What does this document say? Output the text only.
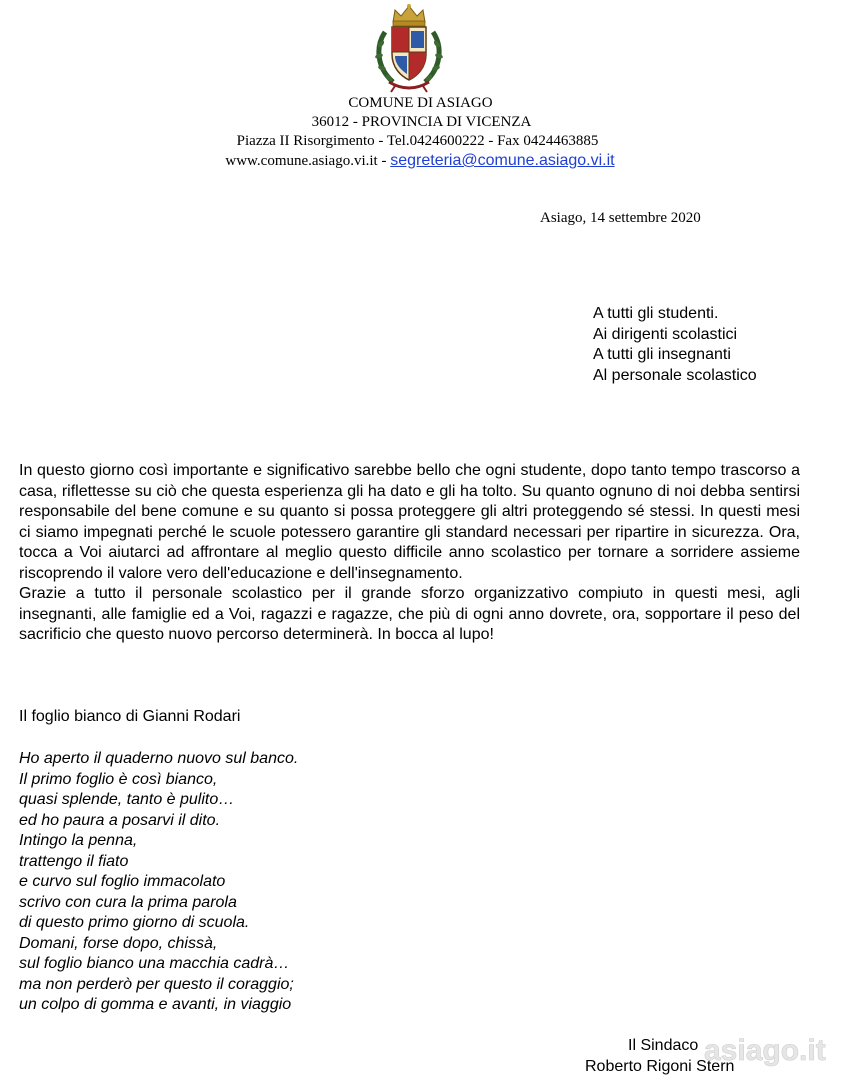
COMUNE DI ASIAGO
36012 - PROVINCIA DI VICENZA
Piazza II Risorgimento - Tel.0424600222 - Fax 0424463885
www.comune.asiago.vi.it - segreteria@comune.asiago.vi.it
Asiago, 14 settembre 2020
A tutti gli studenti.
Ai dirigenti scolastici
A tutti gli insegnanti
Al personale scolastico

In questo giorno così importante e significativo sarebbe bello che ogni studente, dopo tanto tempo trascorso a casa, riflettesse su ciò che questa esperienza gli ha dato e gli ha tolto. Su quanto ognuno di noi debba sentirsi responsabile del bene comune e su quanto si possa proteggere gli altri proteggendo sé stessi. In questi mesi ci siamo impegnati perché le scuole potessero garantire gli standard necessari per ripartire in sicurezza. Ora, tocca a Voi aiutarci ad affrontare al meglio questo difficile anno scolastico per tornare a sorridere assieme riscoprendo il valore vero dell'educazione e dell'insegnamento.

Grazie a tutto il personale scolastico per il grande sforzo organizzativo compiuto in questi mesi, agli insegnanti, alle famiglie ed a Voi, ragazzi e ragazze, che più di ogni anno dovrete, ora, sopportare il peso del sacrificio che questo nuovo percorso determinerà. In bocca al lupo!

Il foglio bianco di Gianni Rodari
Ho aperto il quaderno nuovo sul banco.
Il primo foglio è così bianco,
quasi splende, tanto è pulito…
ed ho paura a posarvi il dito.
Intingo la penna,
trattengo il fiato
e curvo sul foglio immacolato
scrivo con cura la prima parola
di questo primo giorno di scuola.
Domani, forse dopo, chissà,
sul foglio bianco una macchia cadrà…
ma non perderò per questo il coraggio;
un colpo di gomma e avanti, in viaggio
asiago.it
Il Sindaco
Roberto Rigoni Stern
